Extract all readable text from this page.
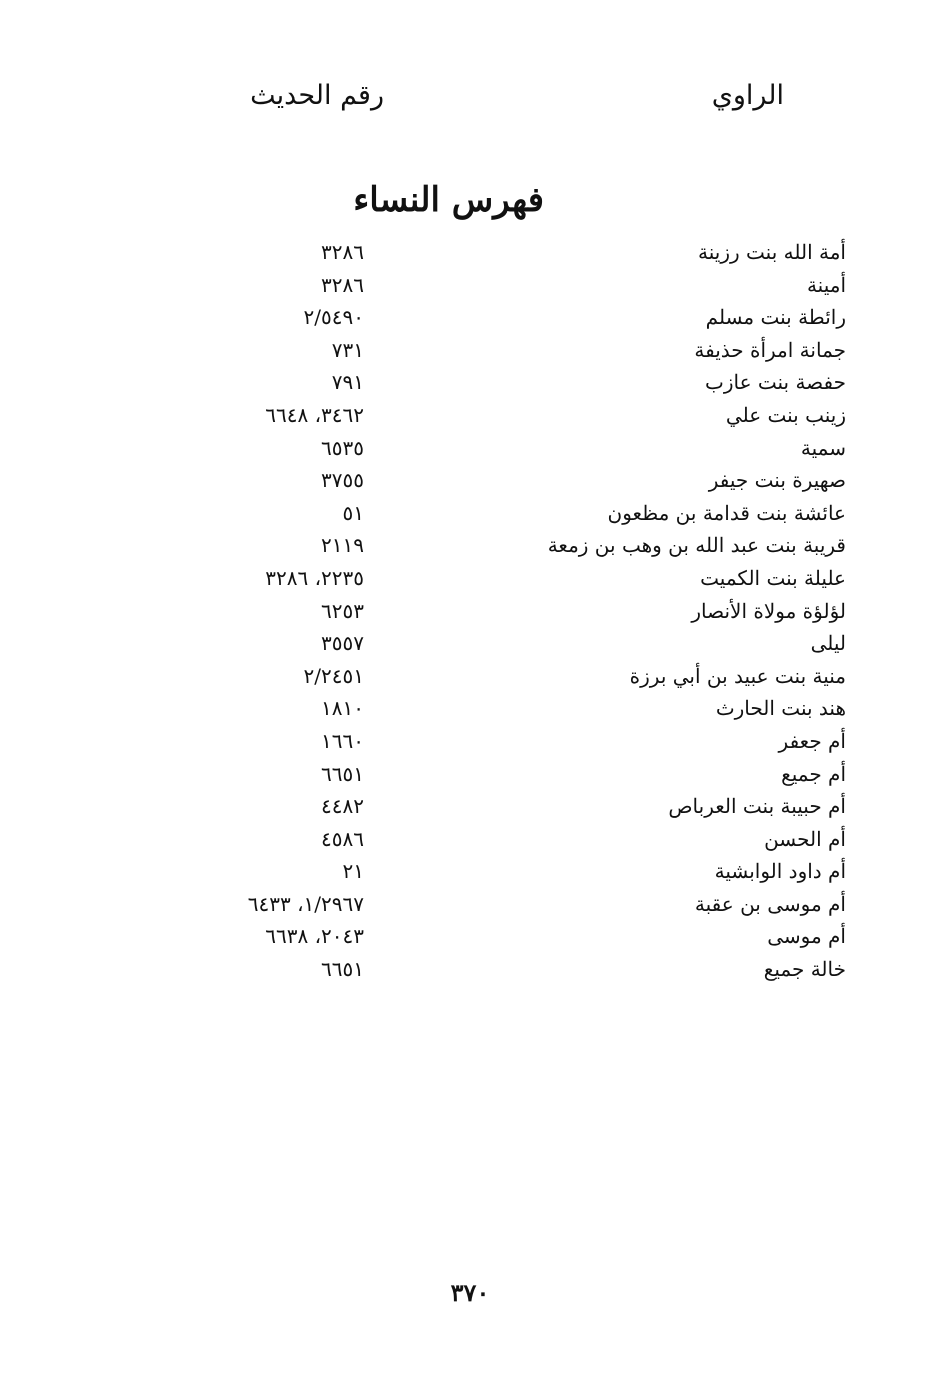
الراوي
رقم الحديث
فهرس النساء
أمة الله بنت رزينة
٣٢٨٦
أمينة
٣٢٨٦
رائطة بنت مسلم
٢/٥٤٩٠
جمانة امرأة حذيفة
٧٣١
حفصة بنت عازب
٧٩١
زينب بنت علي
٣٤٦٢، ٦٦٤٨
سمية
٦٥٣٥
صهيرة بنت جيفر
٣٧٥٥
عائشة بنت قدامة بن مظعون
٥١
قريبة بنت عبد الله بن وهب بن زمعة
٢١١٩
عليلة بنت الكميت
٢٢٣٥، ٣٢٨٦
لؤلؤة مولاة الأنصار
٦٢٥٣
ليلى
٣٥٥٧
منية بنت عبيد بن أبي برزة
٢/٢٤٥١
هند بنت الحارث
١٨١٠
أم جعفر
١٦٦٠
أم جميع
٦٦٥١
أم حبيبة بنت العرباص
٤٤٨٢
أم الحسن
٤٥٨٦
أم داود الوابشية
٢١
أم موسى بن عقبة
١/٢٩٦٧، ٦٤٣٣
أم موسى
٢٠٤٣، ٦٦٣٨
خالة جميع
٦٦٥١
٣٧٠
